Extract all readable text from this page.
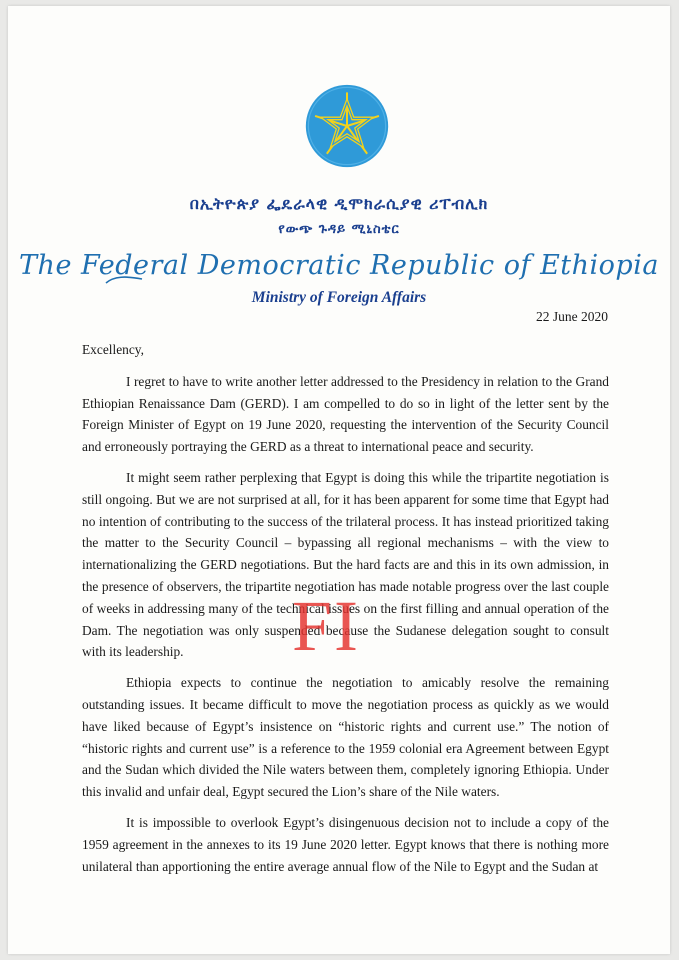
በኢትዮጵያ ፌዴራላዊ ዲሞክራሲያዊ ሪፐብሊክ
የውጭ ጉዳይ ሚኒስቴር
The Federal Democratic Republic of Ethiopia
Ministry of Foreign Affairs
22 June 2020

Excellency,

I regret to have to write another letter addressed to the Presidency in relation to the Grand Ethiopian Renaissance Dam (GERD). I am compelled to do so in light of the letter sent by the Foreign Minister of Egypt on 19 June 2020, requesting the intervention of the Security Council and erroneously portraying the GERD as a threat to international peace and security.

It might seem rather perplexing that Egypt is doing this while the tripartite negotiation is still ongoing. But we are not surprised at all, for it has been apparent for some time that Egypt had no intention of contributing to the success of the trilateral process. It has instead prioritized taking the matter to the Security Council – bypassing all regional mechanisms – with the view to internationalizing the GERD negotiations. But the hard facts are and this in its own admission, in the presence of observers, the tripartite negotiation has made notable progress over the last couple of weeks in addressing many of the technical issues on the first filling and annual operation of the Dam. The negotiation was only suspended because the Sudanese delegation sought to consult with its leadership.

Ethiopia expects to continue the negotiation to amicably resolve the remaining outstanding issues. It became difficult to move the negotiation process as quickly as we would have liked because of Egypt’s insistence on “historic rights and current use.” The notion of “historic rights and current use” is a reference to the 1959 colonial era Agreement between Egypt and the Sudan which divided the Nile waters between them, completely ignoring Ethiopia. Under this invalid and unfair deal, Egypt secured the Lion’s share of the Nile waters.

It is impossible to overlook Egypt’s disingenuous decision not to include a copy of the 1959 agreement in the annexes to its 19 June 2020 letter. Egypt knows that there is nothing more unilateral than apportioning the entire average annual flow of the Nile to Egypt and the Sudan at

FI
